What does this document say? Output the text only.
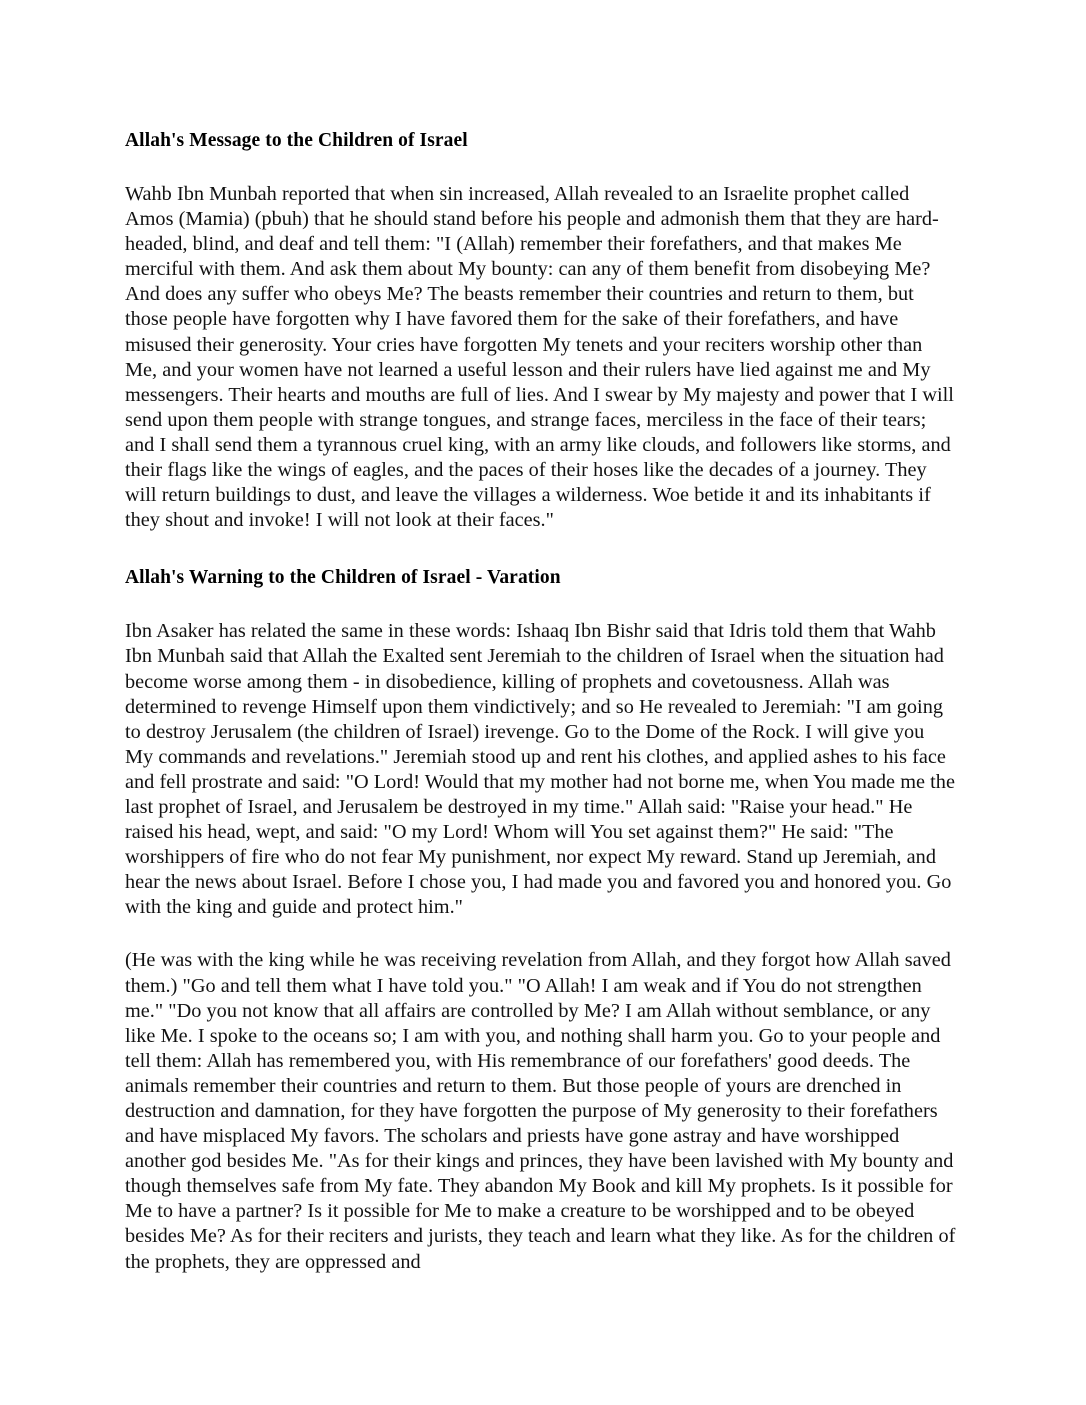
Allah's Message to the Children of Israel

Wahb Ibn Munbah reported that when sin increased, Allah revealed to an Israelite prophet called Amos (Mamia) (pbuh) that he should stand before his people and admonish them that they are hard-headed, blind, and deaf and tell them: "I (Allah) remember their forefathers, and that makes Me merciful with them. And ask them about My bounty: can any of them benefit from disobeying Me? And does any suffer who obeys Me? The beasts remember their countries and return to them, but those people have forgotten why I have favored them for the sake of their forefathers, and have misused their generosity. Your cries have forgotten My tenets and your reciters worship other than Me, and your women have not learned a useful lesson and their rulers have lied against me and My messengers. Their hearts and mouths are full of lies. And I swear by My majesty and power that I will send upon them people with strange tongues, and strange faces, merciless in the face of their tears; and I shall send them a tyrannous cruel king, with an army like clouds, and followers like storms, and their flags like the wings of eagles, and the paces of their hoses like the decades of a journey. They will return buildings to dust, and leave the villages a wilderness. Woe betide it and its inhabitants if they shout and invoke! I will not look at their faces."

Allah's Warning to the Children of Israel - Varation

Ibn Asaker has related the same in these words: Ishaaq Ibn Bishr said that Idris told them that Wahb Ibn Munbah said that Allah the Exalted sent Jeremiah to the children of Israel when the situation had become worse among them - in disobedience, killing of prophets and covetousness. Allah was determined to revenge Himself upon them vindictively; and so He revealed to Jeremiah: "I am going to destroy Jerusalem (the children of Israel) irevenge. Go to the Dome of the Rock. I will give you My commands and revelations." Jeremiah stood up and rent his clothes, and applied ashes to his face and fell prostrate and said: "O Lord! Would that my mother had not borne me, when You made me the last prophet of Israel, and Jerusalem be destroyed in my time." Allah said: "Raise your head." He raised his head, wept, and said: "O my Lord! Whom will You set against them?" He said: "The worshippers of fire who do not fear My punishment, nor expect My reward. Stand up Jeremiah, and hear the news about Israel. Before I chose you, I had made you and favored you and honored you. Go with the king and guide and protect him."

(He was with the king while he was receiving revelation from Allah, and they forgot how Allah saved them.) "Go and tell them what I have told you." "O Allah! I am weak and if You do not strengthen me." "Do you not know that all affairs are controlled by Me? I am Allah without semblance, or any like Me. I spoke to the oceans so; I am with you, and nothing shall harm you. Go to your people and tell them: Allah has remembered you, with His remembrance of our forefathers' good deeds. The animals remember their countries and return to them. But those people of yours are drenched in destruction and damnation, for they have forgotten the purpose of My generosity to their forefathers and have misplaced My favors. The scholars and priests have gone astray and have worshipped another god besides Me. "As for their kings and princes, they have been lavished with My bounty and though themselves safe from My fate. They abandon My Book and kill My prophets. Is it possible for Me to have a partner? Is it possible for Me to make a creature to be worshipped and to be obeyed besides Me? As for their reciters and jurists, they teach and learn what they like. As for the children of the prophets, they are oppressed and
